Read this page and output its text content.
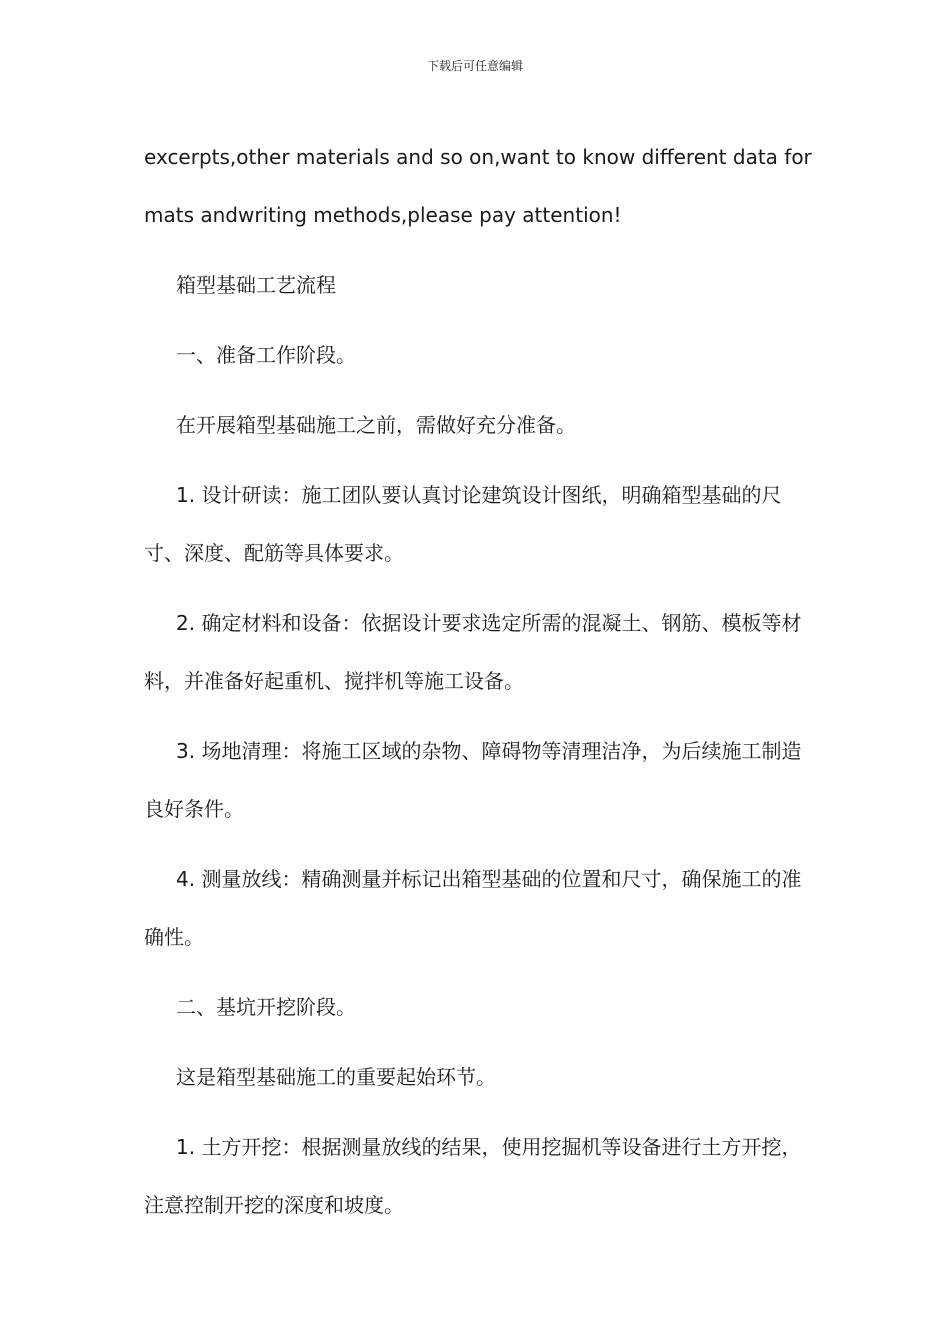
下载后可任意编辑

excerpts,other materials and so on,want to know different data formats andwriting methods,please pay attention!

箱型基础工艺流程

一、准备工作阶段。

在开展箱型基础施工之前，需做好充分准备。

1. 设计研读：施工团队要认真讨论建筑设计图纸，明确箱型基础的尺寸、深度、配筋等具体要求。

2. 确定材料和设备：依据设计要求选定所需的混凝土、钢筋、模板等材料，并准备好起重机、搅拌机等施工设备。

3. 场地清理：将施工区域的杂物、障碍物等清理洁净，为后续施工制造良好条件。

4. 测量放线：精确测量并标记出箱型基础的位置和尺寸，确保施工的准确性。

二、基坑开挖阶段。

这是箱型基础施工的重要起始环节。

1. 土方开挖：根据测量放线的结果，使用挖掘机等设备进行土方开挖，注意控制开挖的深度和坡度。
